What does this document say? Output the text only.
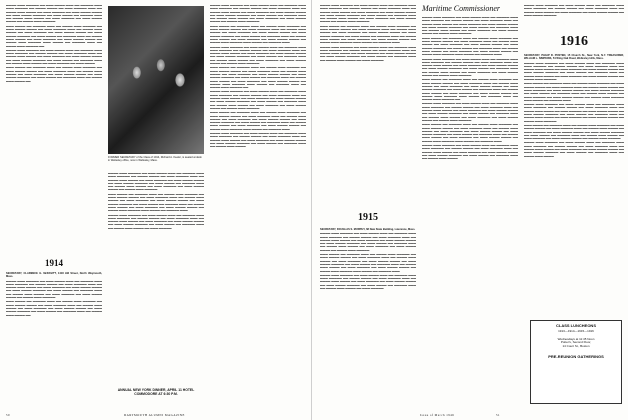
▬▬▬▬ ▬▬▬ ▬▬▬▬▬ ▬▬ ▬▬▬ ▬▬▬▬ ▬▬▬ ▬▬ ▬▬▬▬▬ ▬▬▬ ▬▬▬ ▬▬▬▬▬ ▬▬ ▬▬▬▬ ▬▬▬▬ ▬▬ ▬▬▬ ▬▬▬▬▬ ▬▬▬ ▬▬ ▬▬▬▬ ▬▬▬ ▬▬▬▬ ▬▬ ▬▬▬ ▬▬▬▬▬ ▬▬ ▬▬▬ ▬▬▬▬ ▬▬▬▬ ▬▬ ▬▬▬ ▬▬▬▬ ▬▬▬▬▬ ▬▬ ▬▬▬ ▬▬▬▬ ▬▬ ▬▬▬▬▬ ▬▬▬ ▬▬ ▬▬▬▬ ▬▬▬ ▬▬▬▬ ▬▬ ▬▬▬ ▬▬▬▬▬ ▬▬ ▬▬▬ ▬▬▬▬ ▬▬▬▬ ▬▬ ▬▬▬▬ ▬▬▬ ▬▬▬▬▬

▬▬▬ ▬▬▬▬ ▬▬ ▬▬▬▬▬ ▬▬▬ ▬▬ ▬▬▬▬ ▬▬▬ ▬▬▬▬▬ ▬▬ ▬▬▬ ▬▬▬▬ ▬▬▬▬ ▬▬ ▬▬▬ ▬▬▬▬▬ ▬▬▬ ▬▬ ▬▬▬▬ ▬▬▬ ▬▬▬▬ ▬▬ ▬▬▬ ▬▬▬▬▬ ▬▬ ▬▬▬ ▬▬▬▬ ▬▬▬▬ ▬▬ ▬▬▬ ▬▬▬▬ ▬▬▬▬▬ ▬▬ ▬▬▬ ▬▬▬▬ ▬▬ ▬▬▬▬▬ ▬▬▬ ▬▬ ▬▬▬▬ ▬▬▬ ▬▬▬▬ ▬▬ ▬▬▬ ▬▬▬▬▬ ▬▬ ▬▬▬ ▬▬▬▬ ▬▬▬▬ ▬▬ ▬▬▬▬ ▬▬▬ ▬▬▬▬▬ ▬▬▬ ▬▬▬▬ ▬▬ ▬▬▬▬▬ ▬▬▬ ▬▬ ▬▬▬▬ ▬▬▬ ▬▬▬▬▬ ▬▬

▬▬▬▬ ▬▬▬ ▬▬▬▬▬ ▬▬ ▬▬▬ ▬▬▬▬ ▬▬▬ ▬▬ ▬▬▬▬▬ ▬▬▬ ▬▬▬ ▬▬▬▬▬ ▬▬ ▬▬▬▬ ▬▬▬▬ ▬▬ ▬▬▬ ▬▬▬▬▬ ▬▬▬ ▬▬ ▬▬▬▬ ▬▬▬ ▬▬▬▬ ▬▬ ▬▬▬ ▬▬▬▬▬ ▬▬ ▬▬▬ ▬▬▬▬ ▬▬▬▬ ▬▬ ▬▬▬ ▬▬▬▬ ▬▬▬▬▬ ▬▬ ▬▬▬ ▬▬▬▬ ▬▬ ▬▬▬▬▬ ▬▬▬ ▬▬ ▬▬▬▬ ▬▬▬ ▬▬▬▬ ▬▬ ▬▬▬ ▬▬▬▬▬ ▬▬ ▬▬▬ ▬▬▬▬

▬▬▬ ▬▬▬▬ ▬▬ ▬▬▬▬▬ ▬▬▬ ▬▬ ▬▬▬▬ ▬▬▬ ▬▬▬▬▬ ▬▬ ▬▬▬ ▬▬▬▬ ▬▬▬▬ ▬▬ ▬▬▬ ▬▬▬▬▬ ▬▬▬ ▬▬ ▬▬▬▬ ▬▬▬ ▬▬▬▬ ▬▬ ▬▬▬ ▬▬▬▬▬ ▬▬ ▬▬▬ ▬▬▬▬ ▬▬▬▬ ▬▬ ▬▬▬ ▬▬▬▬ ▬▬▬▬▬ ▬▬ ▬▬▬ ▬▬▬▬ ▬▬ ▬▬▬▬▬ ▬▬▬ ▬▬ ▬▬▬▬ ▬▬▬ ▬▬▬▬ ▬▬

1914

SECRETARY, CLARENCE G. McDAVITT, 1418 Hill Street, North Weymouth, Mass.

▬▬▬▬ ▬▬▬ ▬▬▬▬▬ ▬▬ ▬▬▬ ▬▬▬▬ ▬▬▬ ▬▬ ▬▬▬▬▬ ▬▬▬ ▬▬▬ ▬▬▬▬▬ ▬▬ ▬▬▬▬ ▬▬▬▬ ▬▬ ▬▬▬ ▬▬▬▬▬ ▬▬▬ ▬▬ ▬▬▬▬ ▬▬▬ ▬▬▬▬ ▬▬ ▬▬▬ ▬▬▬▬▬ ▬▬ ▬▬▬ ▬▬▬▬ ▬▬▬▬ ▬▬ ▬▬▬ ▬▬▬▬ ▬▬▬▬▬ ▬▬ ▬▬▬ ▬▬▬▬ ▬▬ ▬▬▬▬▬ ▬▬▬ ▬▬ ▬▬▬▬ ▬▬▬ ▬▬▬▬ ▬▬ ▬▬▬ ▬▬▬▬▬ ▬▬ ▬▬▬ ▬▬▬▬ ▬▬▬▬ ▬▬ ▬▬▬▬ ▬▬▬ ▬▬▬▬▬

▬▬▬ ▬▬▬▬ ▬▬ ▬▬▬▬▬ ▬▬▬ ▬▬ ▬▬▬▬ ▬▬▬ ▬▬▬▬▬ ▬▬ ▬▬▬ ▬▬▬▬ ▬▬▬▬ ▬▬ ▬▬▬ ▬▬▬▬▬ ▬▬▬ ▬▬ ▬▬▬▬ ▬▬▬ ▬▬▬▬ ▬▬ ▬▬▬ ▬▬▬▬▬ ▬▬ ▬▬▬ ▬▬▬▬ ▬▬▬▬ ▬▬ ▬▬▬ ▬▬▬▬ ▬▬▬▬▬ ▬▬ ▬▬▬ ▬▬▬▬ ▬▬ ▬▬▬▬▬ ▬▬▬ ▬▬ ▬▬▬▬ ▬▬▬ ▬▬▬▬ ▬▬

FORMER SECRETARY of the Class of 1914, Richard A. Keeler, is seated at desk in Wellesley office, now in Wellesley, Mass.

▬▬▬▬ ▬▬▬ ▬▬▬▬▬ ▬▬ ▬▬▬ ▬▬▬▬ ▬▬▬ ▬▬ ▬▬▬▬▬ ▬▬▬ ▬▬▬ ▬▬▬▬▬ ▬▬ ▬▬▬▬ ▬▬▬▬ ▬▬ ▬▬▬ ▬▬▬▬▬ ▬▬▬ ▬▬ ▬▬▬▬ ▬▬▬ ▬▬▬▬ ▬▬ ▬▬▬ ▬▬▬▬▬ ▬▬ ▬▬▬ ▬▬▬▬ ▬▬▬▬ ▬▬ ▬▬▬ ▬▬▬▬ ▬▬▬▬▬ ▬▬ ▬▬▬ ▬▬▬▬ ▬▬ ▬▬▬▬▬ ▬▬▬ ▬▬ ▬▬▬▬ ▬▬▬ ▬▬▬▬ ▬▬ ▬▬▬ ▬▬▬▬▬ ▬▬ ▬▬▬ ▬▬▬▬ ▬▬▬▬ ▬▬ ▬▬▬▬ ▬▬▬ ▬▬▬▬▬

▬▬▬ ▬▬▬▬ ▬▬ ▬▬▬▬▬ ▬▬▬ ▬▬ ▬▬▬▬ ▬▬▬ ▬▬▬▬▬ ▬▬ ▬▬▬ ▬▬▬▬ ▬▬▬▬ ▬▬ ▬▬▬ ▬▬▬▬▬ ▬▬▬ ▬▬ ▬▬▬▬ ▬▬▬ ▬▬▬▬ ▬▬ ▬▬▬ ▬▬▬▬▬ ▬▬ ▬▬▬ ▬▬▬▬ ▬▬▬▬ ▬▬ ▬▬▬ ▬▬▬▬ ▬▬▬▬▬ ▬▬ ▬▬▬ ▬▬▬▬ ▬▬ ▬▬▬▬▬ ▬▬▬ ▬▬ ▬▬▬▬ ▬▬▬ ▬▬▬▬ ▬▬ ▬▬▬ ▬▬▬▬▬ ▬▬ ▬▬▬ ▬▬▬▬ ▬▬▬▬ ▬▬ ▬▬▬▬ ▬▬▬ ▬▬▬▬▬ ▬▬▬ ▬▬▬▬ ▬▬ ▬▬▬▬▬ ▬▬▬

▬▬▬▬ ▬▬▬ ▬▬▬▬▬ ▬▬ ▬▬▬ ▬▬▬▬ ▬▬▬ ▬▬ ▬▬▬▬▬ ▬▬▬ ▬▬▬ ▬▬▬▬▬ ▬▬ ▬▬▬▬ ▬▬▬▬ ▬▬ ▬▬▬ ▬▬▬▬▬ ▬▬▬ ▬▬ ▬▬▬▬ ▬▬▬ ▬▬▬▬ ▬▬ ▬▬▬ ▬▬▬▬▬ ▬▬ ▬▬▬ ▬▬▬▬ ▬▬▬▬ ▬▬ ▬▬▬ ▬▬▬▬ ▬▬▬▬▬ ▬▬ ▬▬▬ ▬▬▬▬ ▬▬ ▬▬▬▬▬ ▬▬▬ ▬▬ ▬▬▬▬ ▬▬▬ ▬▬▬▬ ▬▬ ▬▬▬ ▬▬▬▬▬

ANNUAL NEW YORK DINNER, APRIL 11 HOTEL COMMODORE AT 6:30 P.M.

▬▬▬▬ ▬▬▬ ▬▬▬▬▬ ▬▬ ▬▬▬ ▬▬▬▬ ▬▬▬ ▬▬ ▬▬▬▬▬ ▬▬▬ ▬▬▬ ▬▬▬▬▬ ▬▬ ▬▬▬▬ ▬▬▬▬ ▬▬ ▬▬▬ ▬▬▬▬▬ ▬▬▬ ▬▬ ▬▬▬▬ ▬▬▬ ▬▬▬▬ ▬▬ ▬▬▬ ▬▬▬▬▬ ▬▬ ▬▬▬ ▬▬▬▬ ▬▬▬▬ ▬▬ ▬▬▬ ▬▬▬▬ ▬▬▬▬▬ ▬▬ ▬▬▬ ▬▬▬▬ ▬▬ ▬▬▬▬▬ ▬▬▬ ▬▬ ▬▬▬▬ ▬▬▬ ▬▬▬▬ ▬▬ ▬▬▬ ▬▬▬▬▬ ▬▬ ▬▬▬ ▬▬▬▬ ▬▬▬▬ ▬▬ ▬▬▬▬ ▬▬▬ ▬▬▬▬▬

▬▬▬ ▬▬▬▬ ▬▬ ▬▬▬▬▬ ▬▬▬ ▬▬ ▬▬▬▬ ▬▬▬ ▬▬▬▬▬ ▬▬ ▬▬▬ ▬▬▬▬ ▬▬▬▬ ▬▬ ▬▬▬ ▬▬▬▬▬ ▬▬▬ ▬▬ ▬▬▬▬ ▬▬▬ ▬▬▬▬ ▬▬ ▬▬▬ ▬▬▬▬▬ ▬▬ ▬▬▬ ▬▬▬▬ ▬▬▬▬ ▬▬ ▬▬▬ ▬▬▬▬ ▬▬▬▬▬ ▬▬ ▬▬▬ ▬▬▬▬ ▬▬ ▬▬▬▬▬ ▬▬▬ ▬▬ ▬▬▬▬ ▬▬▬ ▬▬▬▬ ▬▬ ▬▬▬ ▬▬▬▬▬ ▬▬ ▬▬▬ ▬▬▬▬ ▬▬▬▬ ▬▬ ▬▬▬▬ ▬▬▬ ▬▬▬▬▬ ▬▬▬ ▬▬▬▬ ▬▬ ▬▬▬▬▬ ▬▬▬

▬▬▬▬ ▬▬▬ ▬▬▬▬▬ ▬▬ ▬▬▬ ▬▬▬▬ ▬▬▬ ▬▬ ▬▬▬▬▬ ▬▬▬ ▬▬▬ ▬▬▬▬▬ ▬▬ ▬▬▬▬ ▬▬▬▬ ▬▬ ▬▬▬ ▬▬▬▬▬ ▬▬▬ ▬▬ ▬▬▬▬ ▬▬▬ ▬▬▬▬ ▬▬ ▬▬▬ ▬▬▬▬▬ ▬▬ ▬▬▬ ▬▬▬▬ ▬▬▬▬ ▬▬ ▬▬▬ ▬▬▬▬ ▬▬▬▬▬ ▬▬ ▬▬▬ ▬▬▬▬ ▬▬ ▬▬▬▬▬ ▬▬▬ ▬▬ ▬▬▬▬ ▬▬▬ ▬▬▬▬ ▬▬ ▬▬▬ ▬▬▬▬▬ ▬▬ ▬▬▬ ▬▬▬▬ ▬▬▬▬ ▬▬ ▬▬▬▬ ▬▬▬ ▬▬▬▬▬

▬▬▬ ▬▬▬▬ ▬▬ ▬▬▬▬▬ ▬▬▬ ▬▬ ▬▬▬▬ ▬▬▬ ▬▬▬▬▬ ▬▬ ▬▬▬ ▬▬▬▬ ▬▬▬▬ ▬▬ ▬▬▬ ▬▬▬▬▬ ▬▬▬ ▬▬ ▬▬▬▬ ▬▬▬ ▬▬▬▬ ▬▬ ▬▬▬ ▬▬▬▬▬ ▬▬ ▬▬▬ ▬▬▬▬ ▬▬▬▬ ▬▬ ▬▬▬ ▬▬▬▬ ▬▬▬▬▬ ▬▬ ▬▬▬ ▬▬▬▬ ▬▬ ▬▬▬▬▬ ▬▬▬ ▬▬ ▬▬▬▬ ▬▬▬ ▬▬▬▬ ▬▬ ▬▬▬ ▬▬▬▬▬ ▬▬ ▬▬▬ ▬▬▬▬ ▬▬▬▬ ▬▬ ▬▬▬▬ ▬▬▬ ▬▬▬▬▬ ▬▬▬ ▬▬▬▬ ▬▬ ▬▬▬▬▬ ▬▬▬ ▬▬ ▬▬▬▬ ▬▬▬ ▬▬▬▬▬ ▬▬

▬▬▬▬ ▬▬▬ ▬▬▬▬▬ ▬▬ ▬▬▬ ▬▬▬▬ ▬▬▬ ▬▬ ▬▬▬▬▬ ▬▬▬ ▬▬▬ ▬▬▬▬▬ ▬▬ ▬▬▬▬ ▬▬▬▬ ▬▬ ▬▬▬ ▬▬▬▬▬ ▬▬▬ ▬▬ ▬▬▬▬ ▬▬▬ ▬▬▬▬ ▬▬ ▬▬▬ ▬▬▬▬▬ ▬▬ ▬▬▬ ▬▬▬▬ ▬▬▬▬ ▬▬ ▬▬▬ ▬▬▬▬ ▬▬▬▬▬ ▬▬ ▬▬▬ ▬▬▬▬ ▬▬ ▬▬▬▬▬ ▬▬▬ ▬▬ ▬▬▬▬ ▬▬▬ ▬▬▬▬ ▬▬ ▬▬▬ ▬▬▬▬▬ ▬▬ ▬▬▬ ▬▬▬▬ ▬▬▬▬ ▬▬ ▬▬▬▬ ▬▬▬ ▬▬▬▬▬

▬▬▬ ▬▬▬▬ ▬▬ ▬▬▬▬▬ ▬▬▬ ▬▬ ▬▬▬▬ ▬▬▬ ▬▬▬▬▬ ▬▬ ▬▬▬ ▬▬▬▬ ▬▬▬▬ ▬▬ ▬▬▬ ▬▬▬▬▬ ▬▬▬ ▬▬ ▬▬▬▬ ▬▬▬ ▬▬▬▬ ▬▬ ▬▬▬ ▬▬▬▬▬ ▬▬ ▬▬▬ ▬▬▬▬ ▬▬▬▬ ▬▬ ▬▬▬ ▬▬▬▬ ▬▬▬▬▬ ▬▬ ▬▬▬ ▬▬▬▬ ▬▬ ▬▬▬▬▬ ▬▬▬ ▬▬ ▬▬▬▬ ▬▬▬ ▬▬▬▬ ▬▬ ▬▬▬ ▬▬▬▬▬ ▬▬ ▬▬▬ ▬▬▬▬ ▬▬▬▬ ▬▬ ▬▬▬▬ ▬▬▬ ▬▬▬▬▬ ▬▬▬ ▬▬▬▬ ▬▬ ▬▬▬▬▬ ▬▬▬

▬▬▬▬ ▬▬▬ ▬▬▬▬▬ ▬▬ ▬▬▬ ▬▬▬▬ ▬▬▬ ▬▬ ▬▬▬▬▬ ▬▬▬ ▬▬▬ ▬▬▬▬▬ ▬▬ ▬▬▬▬ ▬▬▬▬ ▬▬ ▬▬▬ ▬▬▬▬▬ ▬▬▬ ▬▬ ▬▬▬▬ ▬▬▬ ▬▬▬▬ ▬▬ ▬▬▬ ▬▬▬▬▬ ▬▬ ▬▬▬ ▬▬▬▬ ▬▬▬▬ ▬▬ ▬▬▬ ▬▬▬▬ ▬▬▬▬▬ ▬▬ ▬▬▬ ▬▬▬▬ ▬▬ ▬▬▬▬▬ ▬▬▬ ▬▬ ▬▬▬▬ ▬▬▬ ▬▬▬▬

50	DARTMOUTH ALUMNI MAGAZINE

▬▬▬▬ ▬▬▬ ▬▬▬▬▬ ▬▬ ▬▬▬ ▬▬▬▬ ▬▬▬ ▬▬ ▬▬▬▬▬ ▬▬▬ ▬▬▬ ▬▬▬▬▬ ▬▬ ▬▬▬▬ ▬▬▬▬ ▬▬ ▬▬▬ ▬▬▬▬▬ ▬▬▬ ▬▬ ▬▬▬▬ ▬▬▬ ▬▬▬▬ ▬▬ ▬▬▬ ▬▬▬▬▬ ▬▬ ▬▬▬ ▬▬▬▬ ▬▬▬▬ ▬▬ ▬▬▬ ▬▬▬▬ ▬▬▬▬▬ ▬▬ ▬▬▬ ▬▬▬▬ ▬▬ ▬▬▬▬▬ ▬▬▬ ▬▬ ▬▬▬▬ ▬▬▬ ▬▬▬▬ ▬▬ ▬▬▬ ▬▬▬▬▬ ▬▬ ▬▬▬ ▬▬▬▬ ▬▬▬▬ ▬▬ ▬▬▬▬ ▬▬▬ ▬▬▬▬▬

▬▬▬ ▬▬▬▬ ▬▬ ▬▬▬▬▬ ▬▬▬ ▬▬ ▬▬▬▬ ▬▬▬ ▬▬▬▬▬ ▬▬ ▬▬▬ ▬▬▬▬ ▬▬▬▬ ▬▬ ▬▬▬ ▬▬▬▬▬ ▬▬▬ ▬▬ ▬▬▬▬ ▬▬▬ ▬▬▬▬ ▬▬ ▬▬▬ ▬▬▬▬▬ ▬▬ ▬▬▬ ▬▬▬▬ ▬▬▬▬ ▬▬ ▬▬▬ ▬▬▬▬ ▬▬▬▬▬ ▬▬ ▬▬▬ ▬▬▬▬ ▬▬ ▬▬▬▬▬ ▬▬▬ ▬▬ ▬▬▬▬ ▬▬▬ ▬▬▬▬ ▬▬ ▬▬▬ ▬▬▬▬▬ ▬▬ ▬▬▬ ▬▬▬▬ ▬▬▬▬ ▬▬ ▬▬▬▬ ▬▬▬ ▬▬▬▬▬ ▬▬▬ ▬▬▬▬ ▬▬ ▬▬▬▬▬ ▬▬▬

▬▬▬▬ ▬▬▬ ▬▬▬▬▬ ▬▬ ▬▬▬ ▬▬▬▬ ▬▬▬ ▬▬ ▬▬▬▬▬ ▬▬▬ ▬▬▬ ▬▬▬▬▬ ▬▬ ▬▬▬▬ ▬▬▬▬ ▬▬ ▬▬▬ ▬▬▬▬▬ ▬▬▬ ▬▬ ▬▬▬▬ ▬▬▬ ▬▬▬▬ ▬▬ ▬▬▬ ▬▬▬▬▬ ▬▬ ▬▬▬ ▬▬▬▬ ▬▬▬▬ ▬▬ ▬▬▬ ▬▬▬▬ ▬▬▬▬▬ ▬▬ ▬▬▬ ▬▬▬▬ ▬▬ ▬▬▬▬▬ ▬▬▬ ▬▬ ▬▬▬▬ ▬▬▬ ▬▬▬▬ ▬▬ ▬▬▬ ▬▬▬▬▬

1915

SECRETARY, DOUGLAS S. MURPHY, 68 New State Building, Lawrence, Mass.

▬▬▬▬ ▬▬▬ ▬▬▬▬▬ ▬▬ ▬▬▬ ▬▬▬▬ ▬▬▬ ▬▬ ▬▬▬▬▬ ▬▬▬ ▬▬▬ ▬▬▬▬▬ ▬▬ ▬▬▬▬ ▬▬▬▬ ▬▬ ▬▬▬ ▬▬▬▬▬ ▬▬▬ ▬▬ ▬▬▬▬ ▬▬▬ ▬▬▬▬ ▬▬ ▬▬▬ ▬▬▬▬▬ ▬▬ ▬▬▬ ▬▬▬▬ ▬▬▬▬ ▬▬ ▬▬▬ ▬▬▬▬ ▬▬▬▬▬ ▬▬ ▬▬▬ ▬▬▬▬ ▬▬ ▬▬▬▬▬ ▬▬▬ ▬▬ ▬▬▬▬ ▬▬▬ ▬▬▬▬ ▬▬ ▬▬▬ ▬▬▬▬▬ ▬▬ ▬▬▬ ▬▬▬▬ ▬▬▬▬ ▬▬ ▬▬▬▬ ▬▬▬ ▬▬▬▬▬

▬▬▬ ▬▬▬▬ ▬▬ ▬▬▬▬▬ ▬▬▬ ▬▬ ▬▬▬▬ ▬▬▬ ▬▬▬▬▬ ▬▬ ▬▬▬ ▬▬▬▬ ▬▬▬▬ ▬▬ ▬▬▬ ▬▬▬▬▬ ▬▬▬ ▬▬ ▬▬▬▬ ▬▬▬ ▬▬▬▬ ▬▬ ▬▬▬ ▬▬▬▬▬ ▬▬ ▬▬▬ ▬▬▬▬ ▬▬▬▬ ▬▬ ▬▬▬ ▬▬▬▬ ▬▬▬▬▬ ▬▬ ▬▬▬ ▬▬▬▬ ▬▬ ▬▬▬▬▬ ▬▬▬ ▬▬ ▬▬▬▬ ▬▬▬ ▬▬▬▬ ▬▬ ▬▬▬ ▬▬▬▬▬ ▬▬ ▬▬▬ ▬▬▬▬ ▬▬▬▬ ▬▬ ▬▬▬▬ ▬▬▬ ▬▬▬▬▬ ▬▬▬ ▬▬▬▬ ▬▬ ▬▬▬▬▬ ▬▬▬

▬▬▬▬ ▬▬▬ ▬▬▬▬▬ ▬▬ ▬▬▬ ▬▬▬▬ ▬▬▬ ▬▬ ▬▬▬▬▬ ▬▬▬ ▬▬▬ ▬▬▬▬▬ ▬▬ ▬▬▬▬ ▬▬▬▬ ▬▬ ▬▬▬ ▬▬▬▬▬ ▬▬▬ ▬▬ ▬▬▬▬ ▬▬▬ ▬▬▬▬ ▬▬ ▬▬▬ ▬▬▬▬▬ ▬▬ ▬▬▬ ▬▬▬▬ ▬▬▬▬ ▬▬ ▬▬▬ ▬▬▬▬ ▬▬▬▬▬ ▬▬ ▬▬▬ ▬▬▬▬ ▬▬ ▬▬▬▬▬ ▬▬▬ ▬▬ ▬▬▬▬ ▬▬▬ ▬▬▬▬ ▬▬ ▬▬▬ ▬▬▬▬▬

Maritime Commissioner

▬▬▬▬ ▬▬▬ ▬▬▬▬▬ ▬▬ ▬▬▬ ▬▬▬▬ ▬▬▬ ▬▬ ▬▬▬▬▬ ▬▬▬ ▬▬▬ ▬▬▬▬▬ ▬▬ ▬▬▬▬ ▬▬▬▬ ▬▬ ▬▬▬ ▬▬▬▬▬ ▬▬▬ ▬▬ ▬▬▬▬ ▬▬▬ ▬▬▬▬ ▬▬ ▬▬▬ ▬▬▬▬▬ ▬▬ ▬▬▬ ▬▬▬▬ ▬▬▬▬ ▬▬ ▬▬▬ ▬▬▬▬ ▬▬▬▬▬ ▬▬ ▬▬▬ ▬▬▬▬ ▬▬ ▬▬▬▬▬ ▬▬▬ ▬▬ ▬▬▬▬ ▬▬▬ ▬▬▬▬ ▬▬ ▬▬▬ ▬▬▬▬▬ ▬▬ ▬▬▬ ▬▬▬▬ ▬▬▬▬ ▬▬ ▬▬▬▬ ▬▬▬ ▬▬▬▬▬

▬▬▬ ▬▬▬▬ ▬▬ ▬▬▬▬▬ ▬▬▬ ▬▬ ▬▬▬▬ ▬▬▬ ▬▬▬▬▬ ▬▬ ▬▬▬ ▬▬▬▬ ▬▬▬▬ ▬▬ ▬▬▬ ▬▬▬▬▬ ▬▬▬ ▬▬ ▬▬▬▬ ▬▬▬ ▬▬▬▬ ▬▬ ▬▬▬ ▬▬▬▬▬ ▬▬ ▬▬▬ ▬▬▬▬ ▬▬▬▬ ▬▬ ▬▬▬ ▬▬▬▬ ▬▬▬▬▬ ▬▬ ▬▬▬ ▬▬▬▬ ▬▬ ▬▬▬▬▬ ▬▬▬ ▬▬ ▬▬▬▬ ▬▬▬ ▬▬▬▬ ▬▬ ▬▬▬ ▬▬▬▬▬ ▬▬ ▬▬▬ ▬▬▬▬ ▬▬▬▬ ▬▬ ▬▬▬▬ ▬▬▬ ▬▬▬▬▬ ▬▬▬ ▬▬▬▬ ▬▬ ▬▬▬▬▬ ▬▬▬

▬▬▬▬ ▬▬▬ ▬▬▬▬▬ ▬▬ ▬▬▬ ▬▬▬▬ ▬▬▬ ▬▬ ▬▬▬▬▬ ▬▬▬ ▬▬▬ ▬▬▬▬▬ ▬▬ ▬▬▬▬ ▬▬▬▬ ▬▬ ▬▬▬ ▬▬▬▬▬ ▬▬▬ ▬▬ ▬▬▬▬ ▬▬▬ ▬▬▬▬ ▬▬ ▬▬▬ ▬▬▬▬▬ ▬▬ ▬▬▬ ▬▬▬▬ ▬▬▬▬ ▬▬ ▬▬▬ ▬▬▬▬ ▬▬▬▬▬ ▬▬ ▬▬▬ ▬▬▬▬ ▬▬ ▬▬▬▬▬ ▬▬▬ ▬▬ ▬▬▬▬ ▬▬▬ ▬▬▬▬ ▬▬ ▬▬▬ ▬▬▬▬▬ ▬▬ ▬▬▬ ▬▬▬▬ ▬▬▬▬ ▬▬ ▬▬▬▬ ▬▬▬ ▬▬▬▬▬

▬▬▬ ▬▬▬▬ ▬▬ ▬▬▬▬▬ ▬▬▬ ▬▬ ▬▬▬▬ ▬▬▬ ▬▬▬▬▬ ▬▬ ▬▬▬ ▬▬▬▬ ▬▬▬▬ ▬▬ ▬▬▬ ▬▬▬▬▬ ▬▬▬ ▬▬ ▬▬▬▬ ▬▬▬ ▬▬▬▬ ▬▬ ▬▬▬ ▬▬▬▬▬ ▬▬ ▬▬▬ ▬▬▬▬ ▬▬▬▬ ▬▬ ▬▬▬ ▬▬▬▬ ▬▬▬▬▬ ▬▬ ▬▬▬ ▬▬▬▬ ▬▬ ▬▬▬▬▬ ▬▬▬ ▬▬ ▬▬▬▬ ▬▬▬ ▬▬▬▬ ▬▬ ▬▬▬ ▬▬▬▬▬ ▬▬ ▬▬▬ ▬▬▬▬ ▬▬▬▬ ▬▬ ▬▬▬▬ ▬▬▬ ▬▬▬▬▬ ▬▬▬ ▬▬▬▬ ▬▬ ▬▬▬▬▬ ▬▬▬ ▬▬ ▬▬▬▬ ▬▬▬ ▬▬▬▬▬ ▬▬

▬▬▬▬ ▬▬▬ ▬▬▬▬▬ ▬▬ ▬▬▬ ▬▬▬▬ ▬▬▬ ▬▬ ▬▬▬▬▬ ▬▬▬ ▬▬▬ ▬▬▬▬▬ ▬▬ ▬▬▬▬ ▬▬▬▬ ▬▬ ▬▬▬ ▬▬▬▬▬ ▬▬▬ ▬▬ ▬▬▬▬ ▬▬▬ ▬▬▬▬ ▬▬ ▬▬▬ ▬▬▬▬▬ ▬▬ ▬▬▬ ▬▬▬▬ ▬▬▬▬ ▬▬ ▬▬▬ ▬▬▬▬ ▬▬▬▬▬ ▬▬ ▬▬▬ ▬▬▬▬ ▬▬ ▬▬▬▬▬ ▬▬▬ ▬▬ ▬▬▬▬ ▬▬▬ ▬▬▬▬ ▬▬ ▬▬▬ ▬▬▬▬▬ ▬▬ ▬▬▬ ▬▬▬▬ ▬▬▬▬ ▬▬ ▬▬▬▬ ▬▬▬ ▬▬▬▬▬

▬▬▬ ▬▬▬▬ ▬▬ ▬▬▬▬▬ ▬▬▬ ▬▬ ▬▬▬▬ ▬▬▬ ▬▬▬▬▬ ▬▬ ▬▬▬ ▬▬▬▬ ▬▬▬▬ ▬▬ ▬▬▬ ▬▬▬▬▬ ▬▬▬ ▬▬ ▬▬▬▬ ▬▬▬ ▬▬▬▬ ▬▬ ▬▬▬ ▬▬▬▬▬ ▬▬ ▬▬▬ ▬▬▬▬ ▬▬▬▬ ▬▬ ▬▬▬ ▬▬▬▬ ▬▬▬▬▬ ▬▬ ▬▬▬ ▬▬▬▬ ▬▬ ▬▬▬▬▬ ▬▬▬ ▬▬ ▬▬▬▬ ▬▬▬ ▬▬▬▬ ▬▬ ▬▬▬ ▬▬▬▬▬ ▬▬ ▬▬▬ ▬▬▬▬ ▬▬▬▬ ▬▬ ▬▬▬▬ ▬▬▬ ▬▬▬▬▬ ▬▬▬ ▬▬▬▬ ▬▬ ▬▬▬▬▬ ▬▬▬

▬▬▬▬ ▬▬▬ ▬▬▬▬▬ ▬▬ ▬▬▬ ▬▬▬▬ ▬▬▬ ▬▬ ▬▬▬▬▬ ▬▬▬ ▬▬▬ ▬▬▬▬▬ ▬▬ ▬▬▬▬ ▬▬▬▬ ▬▬ ▬▬▬ ▬▬▬▬▬ ▬▬▬ ▬▬ ▬▬▬▬ ▬▬▬ ▬▬▬▬ ▬▬ ▬▬▬ ▬▬▬▬▬ ▬▬ ▬▬▬ ▬▬▬▬ ▬▬▬▬ ▬▬ ▬▬▬ ▬▬▬▬ ▬▬▬▬▬ ▬▬ ▬▬▬ ▬▬▬▬ ▬▬ ▬▬▬▬▬ ▬▬▬ ▬▬ ▬▬▬▬ ▬▬▬ ▬▬▬▬

▬▬▬▬ ▬▬▬ ▬▬▬▬▬ ▬▬ ▬▬▬ ▬▬▬▬ ▬▬▬ ▬▬ ▬▬▬▬▬ ▬▬▬ ▬▬▬ ▬▬▬▬▬ ▬▬ ▬▬▬▬ ▬▬▬▬ ▬▬ ▬▬▬ ▬▬▬▬▬ ▬▬▬ ▬▬ ▬▬▬▬ ▬▬▬ ▬▬▬▬ ▬▬ ▬▬▬ ▬▬▬▬▬ ▬▬ ▬▬▬ ▬▬▬▬ ▬▬▬▬ ▬▬ ▬▬▬ ▬▬▬▬ ▬▬▬▬▬

1916

SECRETARY, PHILIP R. POSTEN, 15 Church St., New York, N.Y. TREASURER, WILLIAM L. SIMPKINS, 54 Wing Oak Road, Wellesley Hills, Mass.

▬▬▬▬ ▬▬▬ ▬▬▬▬▬ ▬▬ ▬▬▬ ▬▬▬▬ ▬▬▬ ▬▬ ▬▬▬▬▬ ▬▬▬ ▬▬▬ ▬▬▬▬▬ ▬▬ ▬▬▬▬ ▬▬▬▬ ▬▬ ▬▬▬ ▬▬▬▬▬ ▬▬▬ ▬▬ ▬▬▬▬ ▬▬▬ ▬▬▬▬ ▬▬ ▬▬▬ ▬▬▬▬▬ ▬▬ ▬▬▬ ▬▬▬▬ ▬▬▬▬ ▬▬ ▬▬▬ ▬▬▬▬ ▬▬▬▬▬ ▬▬ ▬▬▬ ▬▬▬▬ ▬▬ ▬▬▬▬▬ ▬▬▬ ▬▬ ▬▬▬▬ ▬▬▬ ▬▬▬▬ ▬▬ ▬▬▬ ▬▬▬▬▬ ▬▬ ▬▬▬ ▬▬▬▬ ▬▬▬▬ ▬▬ ▬▬▬▬ ▬▬▬ ▬▬▬▬▬

▬▬▬ ▬▬▬▬ ▬▬ ▬▬▬▬▬ ▬▬▬ ▬▬ ▬▬▬▬ ▬▬▬ ▬▬▬▬▬ ▬▬ ▬▬▬ ▬▬▬▬ ▬▬▬▬ ▬▬ ▬▬▬ ▬▬▬▬▬ ▬▬▬ ▬▬ ▬▬▬▬ ▬▬▬ ▬▬▬▬ ▬▬ ▬▬▬ ▬▬▬▬▬ ▬▬ ▬▬▬ ▬▬▬▬ ▬▬▬▬ ▬▬ ▬▬▬ ▬▬▬▬ ▬▬▬▬▬ ▬▬ ▬▬▬ ▬▬▬▬ ▬▬ ▬▬▬▬▬ ▬▬▬ ▬▬ ▬▬▬▬ ▬▬▬ ▬▬▬▬ ▬▬ ▬▬▬ ▬▬▬▬▬ ▬▬ ▬▬▬ ▬▬▬▬ ▬▬▬▬ ▬▬ ▬▬▬▬ ▬▬▬ ▬▬▬▬▬ ▬▬▬ ▬▬▬▬ ▬▬ ▬▬▬▬▬ ▬▬▬

▬▬▬▬ ▬▬▬ ▬▬▬▬▬ ▬▬ ▬▬▬ ▬▬▬▬ ▬▬▬ ▬▬ ▬▬▬▬▬ ▬▬▬ ▬▬▬ ▬▬▬▬▬ ▬▬ ▬▬▬▬ ▬▬▬▬ ▬▬ ▬▬▬ ▬▬▬▬▬ ▬▬▬ ▬▬ ▬▬▬▬ ▬▬▬ ▬▬▬▬ ▬▬ ▬▬▬ ▬▬▬▬▬ ▬▬ ▬▬▬ ▬▬▬▬ ▬▬▬▬ ▬▬ ▬▬▬ ▬▬▬▬ ▬▬▬▬▬ ▬▬ ▬▬▬ ▬▬▬▬ ▬▬ ▬▬▬▬▬ ▬▬▬ ▬▬ ▬▬▬▬ ▬▬▬ ▬▬▬▬ ▬▬ ▬▬▬ ▬▬▬▬▬ ▬▬ ▬▬▬ ▬▬▬▬ ▬▬▬▬ ▬▬ ▬▬▬▬ ▬▬▬ ▬▬▬▬▬

▬▬▬ ▬▬▬▬ ▬▬ ▬▬▬▬▬ ▬▬▬ ▬▬ ▬▬▬▬ ▬▬▬ ▬▬▬▬▬ ▬▬ ▬▬▬ ▬▬▬▬ ▬▬▬▬ ▬▬ ▬▬▬ ▬▬▬▬▬ ▬▬▬ ▬▬ ▬▬▬▬ ▬▬▬ ▬▬▬▬ ▬▬ ▬▬▬ ▬▬▬▬▬ ▬▬ ▬▬▬ ▬▬▬▬ ▬▬▬▬ ▬▬ ▬▬▬ ▬▬▬▬ ▬▬▬▬▬ ▬▬ ▬▬▬ ▬▬▬▬ ▬▬ ▬▬▬▬▬ ▬▬▬ ▬▬ ▬▬▬▬ ▬▬▬ ▬▬▬▬ ▬▬ ▬▬▬ ▬▬▬▬▬ ▬▬ ▬▬▬ ▬▬▬▬ ▬▬▬▬ ▬▬ ▬▬▬▬ ▬▬▬ ▬▬▬▬▬

▬▬▬▬ ▬▬▬ ▬▬▬▬▬ ▬▬ ▬▬▬ ▬▬▬▬ ▬▬▬ ▬▬ ▬▬▬▬▬ ▬▬▬ ▬▬▬ ▬▬▬▬▬ ▬▬ ▬▬▬▬ ▬▬▬▬ ▬▬ ▬▬▬ ▬▬▬▬▬ ▬▬▬ ▬▬ ▬▬▬▬ ▬▬▬ ▬▬▬▬ ▬▬ ▬▬▬ ▬▬▬▬▬ ▬▬ ▬▬▬ ▬▬▬▬ ▬▬▬▬ ▬▬ ▬▬▬ ▬▬▬▬ ▬▬▬▬▬ ▬▬ ▬▬▬ ▬▬▬▬ ▬▬ ▬▬▬▬▬ ▬▬▬ ▬▬ ▬▬▬▬ ▬▬▬ ▬▬▬▬

CLASS LUNCHEONS
1913—1914—1915—1916
Wednesdays at 11:45 Noon
Potter's, Second Floor,
14 Court St., Boston
PRE-REUNION GATHERINGS
Issue of March 1946	51
